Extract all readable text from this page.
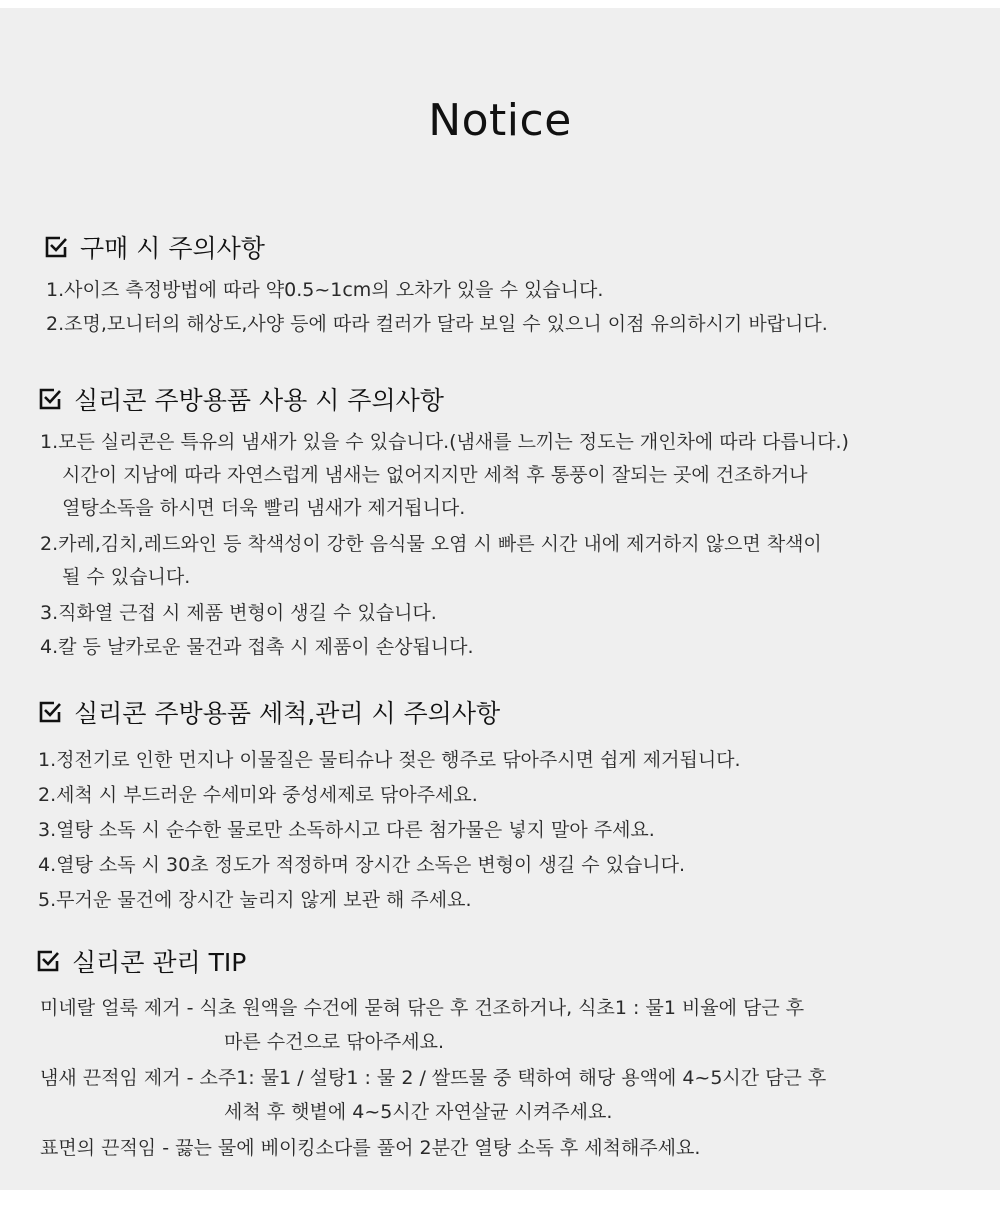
Notice
구매 시 주의사항
1.사이즈 측정방법에 따라 약0.5~1cm의 오차가 있을 수 있습니다.
2.조명,모니터의 해상도,사양 등에 따라 컬러가 달라 보일 수 있으니 이점 유의하시기 바랍니다.
실리콘 주방용품 사용 시 주의사항
1.모든 실리콘은 특유의 냄새가 있을 수 있습니다.(냄새를 느끼는 정도는 개인차에 따라 다릅니다.)
시간이 지남에 따라 자연스럽게 냄새는 없어지지만 세척 후 통풍이 잘되는 곳에 건조하거나
열탕소독을 하시면 더욱 빨리 냄새가 제거됩니다.
2.카레,김치,레드와인 등 착색성이 강한 음식물 오염 시 빠른 시간 내에 제거하지 않으면 착색이
될 수 있습니다.
3.직화열 근접 시 제품 변형이 생길 수 있습니다.
4.칼 등 날카로운 물건과 접촉 시 제품이 손상됩니다.
실리콘 주방용품 세척,관리 시 주의사항
1.정전기로 인한 먼지나 이물질은 물티슈나 젖은 행주로 닦아주시면 쉽게 제거됩니다.
2.세척 시 부드러운 수세미와 중성세제로 닦아주세요.
3.열탕 소독 시 순수한 물로만 소독하시고 다른 첨가물은 넣지 말아 주세요.
4.열탕 소독 시 30초 정도가 적정하며 장시간 소독은 변형이 생길 수 있습니다.
5.무거운 물건에 장시간 눌리지 않게 보관 해 주세요.
실리콘 관리 TIP
미네랄 얼룩 제거 - 식초 원액을 수건에 묻혀 닦은 후 건조하거나, 식초1 : 물1 비율에 담근 후
마른 수건으로 닦아주세요.
냄새 끈적임 제거 - 소주1: 물1 / 설탕1 : 물 2 / 쌀뜨물 중 택하여 해당 용액에 4~5시간 담근 후
세척 후 햇볕에 4~5시간 자연살균 시켜주세요.
표면의 끈적임 - 끓는 물에 베이킹소다를 풀어 2분간 열탕 소독 후 세척해주세요.
